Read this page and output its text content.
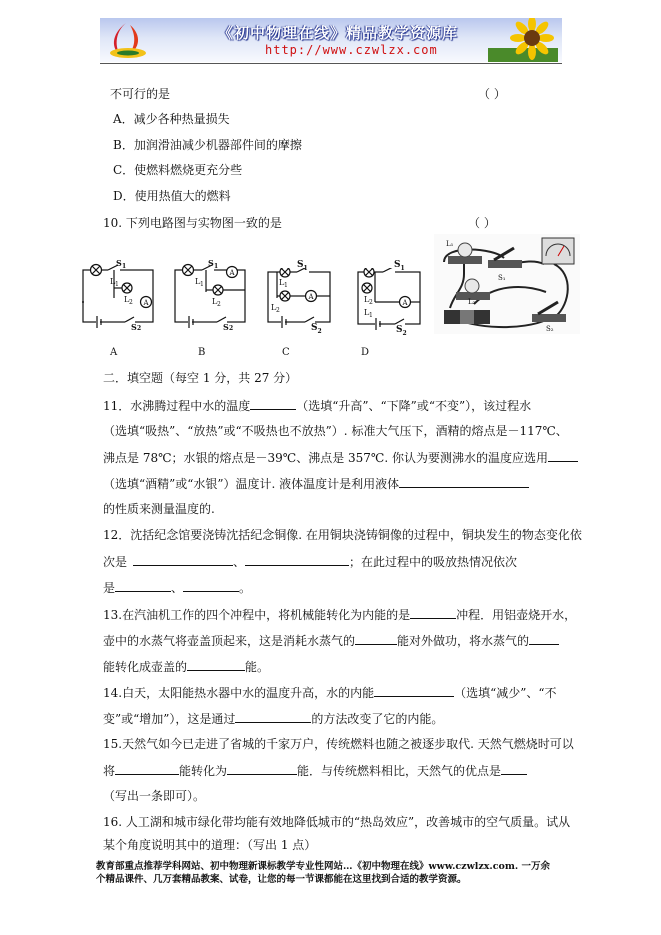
《初中物理在线》精品教学资源库
http://www.czwlzx.com
不可行的是	（ ）
A．减少各种热量损失
B．加润滑油减少机器部件间的摩擦
C．使燃料燃烧更充分些
D．使用热值大的燃料
10. 下列电路图与实物图一致的是	（ ）
A
S 1
L 1
L 2
S 2
A
S 1
L 1
L 2
S 2
A
L 1
L 2
$S_1$
$S_2$
A
L 2
L 1
$S_1$
$S_2$
L₁
S₁
L₂
S₂
A	B	C	D
二．填空题（每空 1 分，共 27 分）
11．水沸腾过程中水的温度	（选填“升高”、“下降”或“不变”），该过程水
（选填“吸热”、“放热”或“不吸热也不放热”）. 标准大气压下，酒精的熔点是－117℃、
沸点是 78℃；水银的熔点是－39℃、沸点是 357℃. 你认为要测沸水的温度应选用
（选填“酒精”或“水银”）温度计. 液体温度计是利用液体
的性质来测量温度的.
12．沈括纪念馆要浇铸沈括纪念铜像. 在用铜块浇铸铜像的过程中，铜块发生的物态变化依
次是 	、	；在此过程中的吸放热情况依次
是	、	。
13.在汽油机工作的四个冲程中，将机械能转化为内能的是	冲程．用铝壶烧开水，
壶中的水蒸气将壶盖顶起来，这是消耗水蒸气的	能对外做功，将水蒸气的
能转化成壶盖的	能。
14.白天，太阳能热水器中水的温度升高，水的内能	（选填“减少”、“不
变”或“增加”），这是通过	的方法改变了它的内能。
15.天然气如今已走进了省城的千家万户，传统燃料也随之被逐步取代. 天然气燃烧时可以
将	能转化为	能．与传统燃料相比，天然气的优点是
（写出一条即可）。
16. 人工湖和城市绿化带均能有效地降低城市的“热岛效应”，改善城市的空气质量。试从
某个角度说明其中的道理：（写出 1 点）
教育部重点推荐学科网站、初中物理新课标教学专业性网站…《初中物理在线》www.czwlzx.com. 一万余
个精品课件、几万套精品教案、试卷，让您的每一节课都能在这里找到合适的教学资源。
